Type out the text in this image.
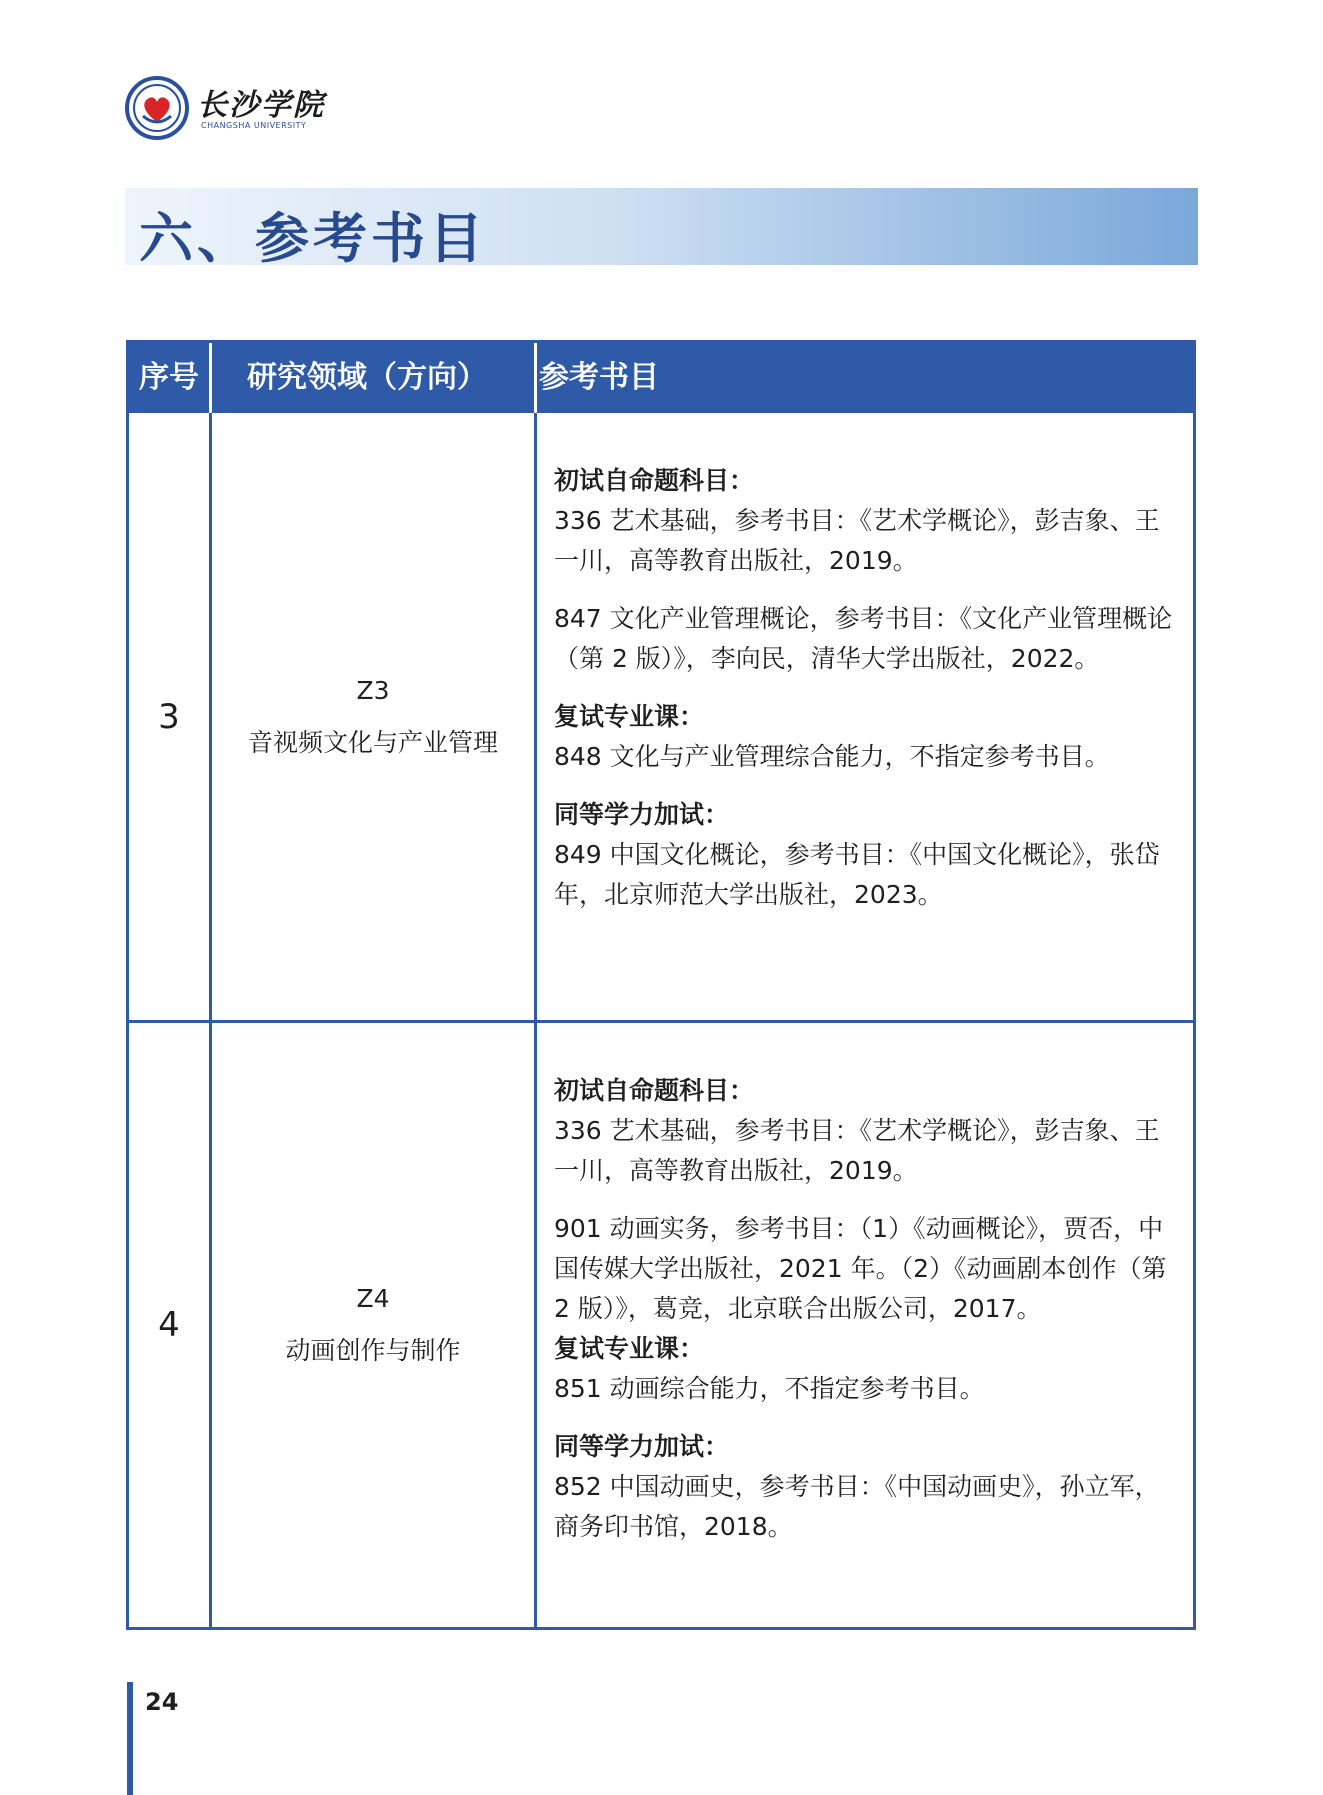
长沙学院
CHANGSHA UNIVERSITY
六、参考书目
序号 研究领域（方向） 参考书目
3
Z3
音视频文化与产业管理

初试自命题科目：

336 艺术基础，参考书目：《艺术学概论》，彭吉象、王一川，高等教育出版社，2019。

847 文化产业管理概论，参考书目：《文化产业管理概论（第 2 版）》，李向民，清华大学出版社，2022。

复试专业课：

848 文化与产业管理综合能力，不指定参考书目。

同等学力加试：

849 中国文化概论，参考书目：《中国文化概论》，张岱年，北京师范大学出版社，2023。

4
Z4
动画创作与制作

初试自命题科目：

336 艺术基础，参考书目：《艺术学概论》，彭吉象、王一川，高等教育出版社，2019。

901 动画实务，参考书目：（1）《动画概论》，贾否，中国传媒大学出版社，2021 年。（2）《动画剧本创作（第 2 版）》，葛竞，北京联合出版公司，2017。

复试专业课：

851 动画综合能力，不指定参考书目。

同等学力加试：

852 中国动画史，参考书目：《中国动画史》，孙立军，商务印书馆，2018。

24
